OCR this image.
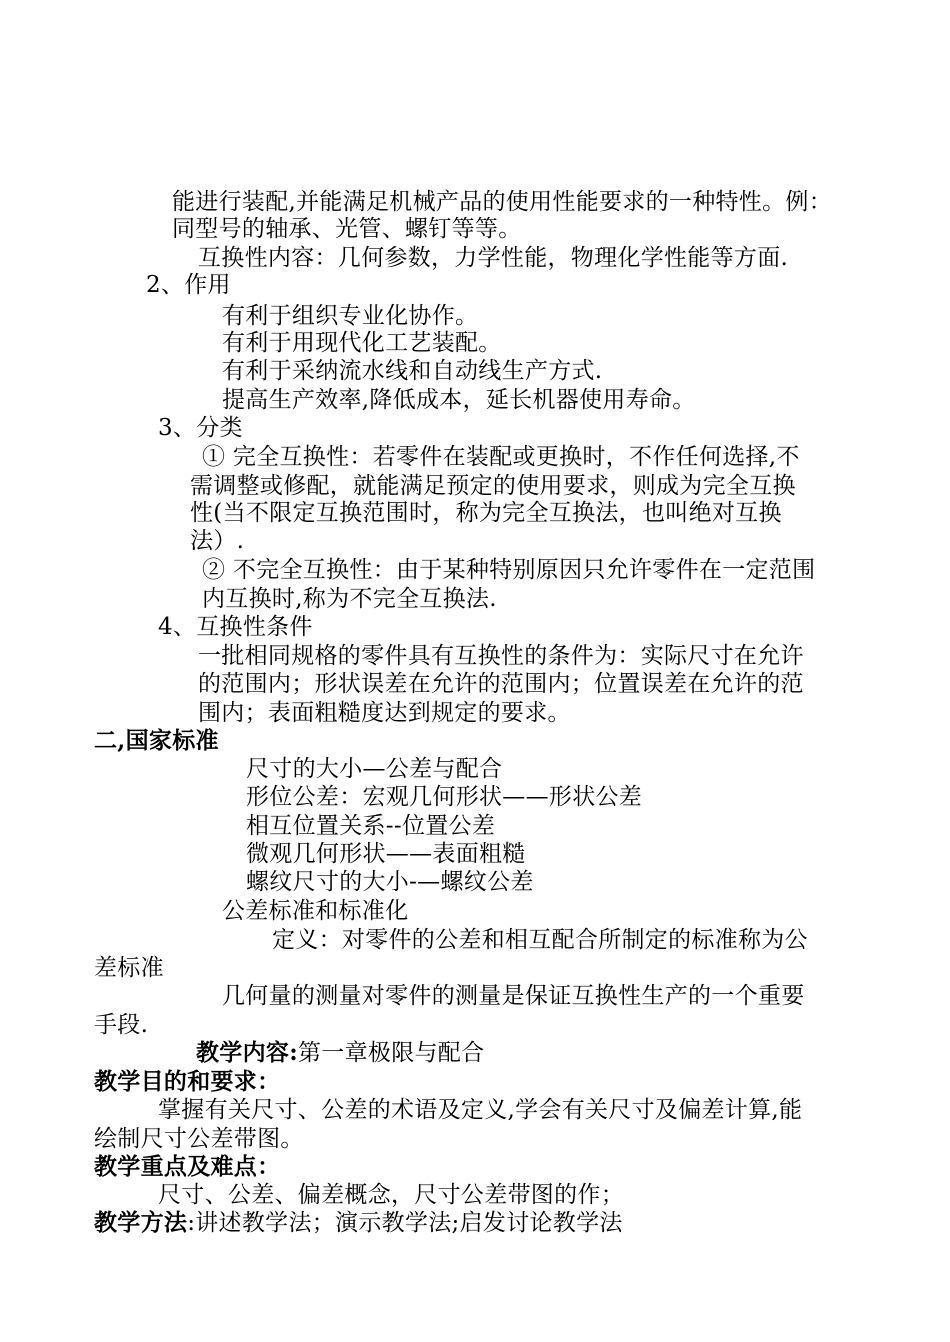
能进行装配,并能满足机械产品的使用性能要求的一种特性。例：
同型号的轴承、光管、螺钉等等。
互换性内容：几何参数，力学性能，物理化学性能等方面.
2、作用
有利于组织专业化协作。
有利于用现代化工艺装配。
有利于采纳流水线和自动线生产方式.
提高生产效率,降低成本，延长机器使用寿命。
3、分类
① 完全互换性：若零件在装配或更换时，不作任何选择,不
需调整或修配，就能满足预定的使用要求，则成为完全互换
性(当不限定互换范围时，称为完全互换法，也叫绝对互换
法）.
② 不完全互换性：由于某种特别原因只允许零件在一定范围
内互换时,称为不完全互换法.
4、互换性条件
一批相同规格的零件具有互换性的条件为：实际尺寸在允许
的范围内；形状误差在允许的范围内；位置误差在允许的范
围内；表面粗糙度达到规定的要求。
二,国家标准
尺寸的大小—公差与配合
形位公差：宏观几何形状——形状公差
相互位置关系--位置公差
微观几何形状——表面粗糙
螺纹尺寸的大小-—螺纹公差
公差标准和标准化
定义：对零件的公差和相互配合所制定的标准称为公
差标准
几何量的测量对零件的测量是保证互换性生产的一个重要
手段.
教学内容:第一章极限与配合
教学目的和要求：
掌握有关尺寸、公差的术语及定义,学会有关尺寸及偏差计算,能
绘制尺寸公差带图。
教学重点及难点：
尺寸、公差、偏差概念，尺寸公差带图的作；
教学方法:讲述教学法；演示教学法;启发讨论教学法
